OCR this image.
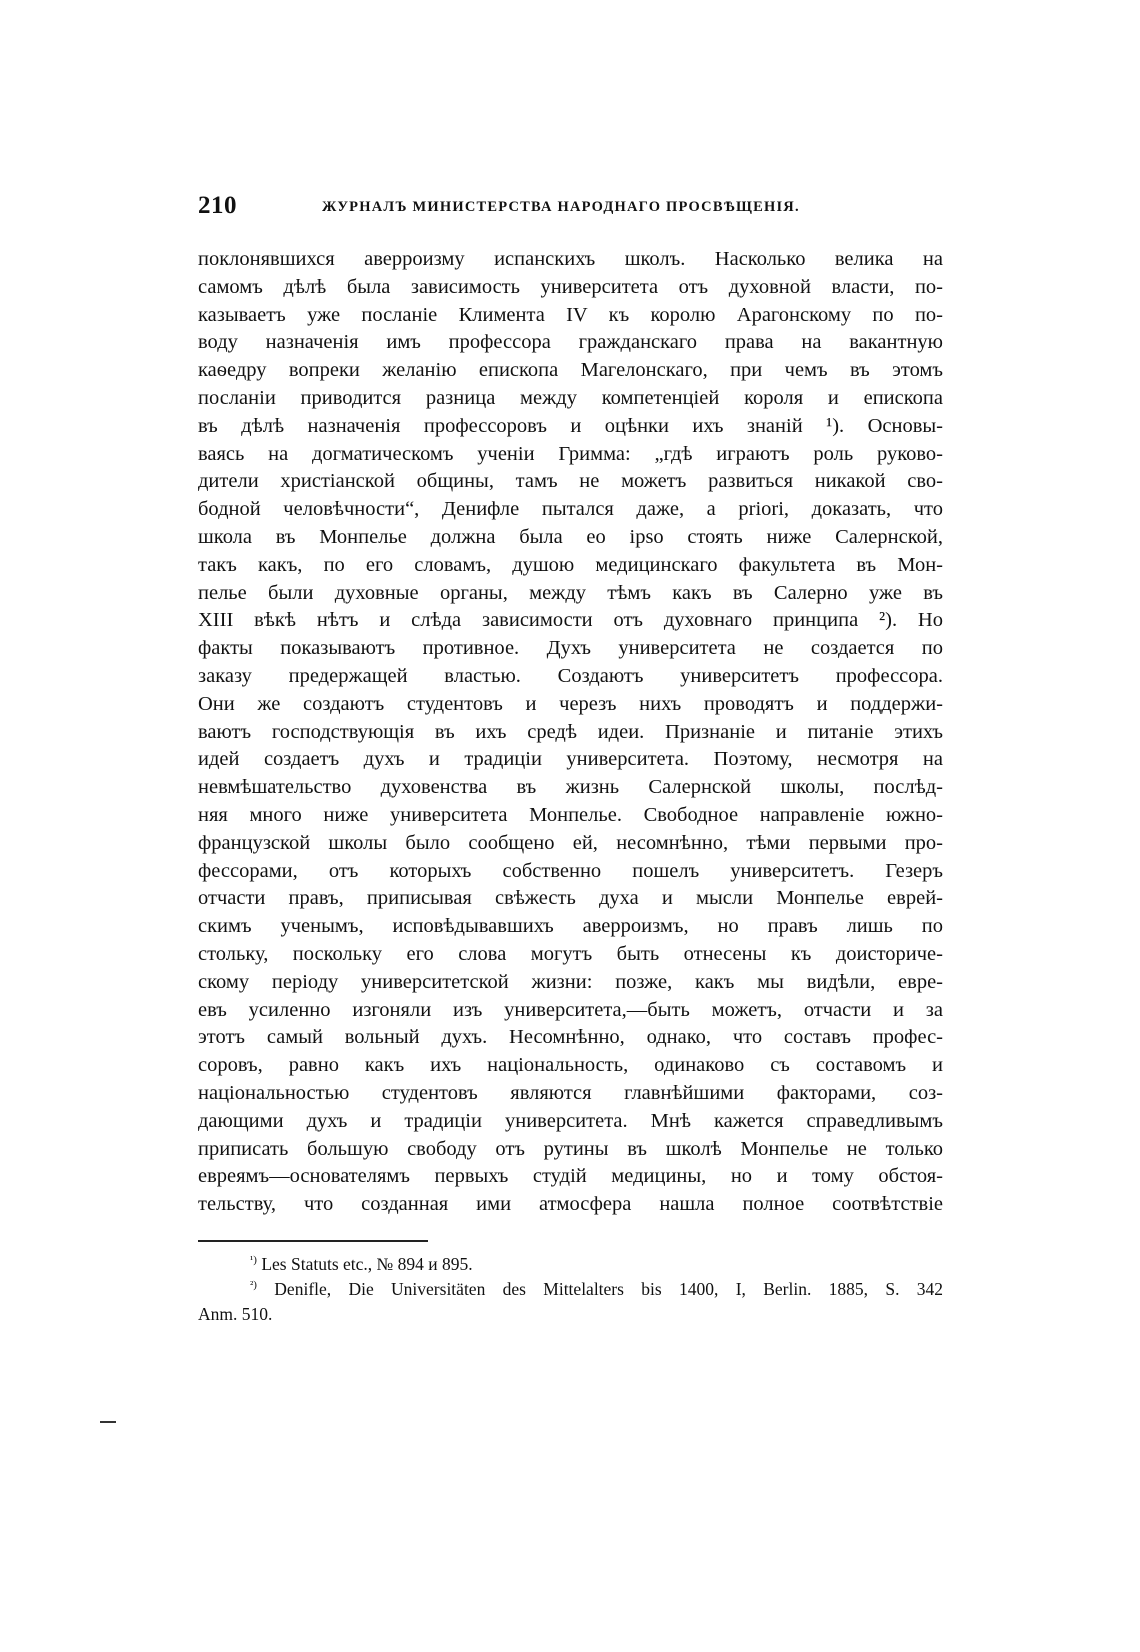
210	ЖУРНАЛЪ МИНИСТЕРСТВА НАРОДНАГО ПРОСВѢЩЕНІЯ.
поклонявшихся аверроизму испанскихъ школъ. Насколько велика на
самомъ дѣлѣ была зависимость университета отъ духовной власти, по-
казываетъ уже посланіе Климента IV къ королю Арагонскому по по-
воду назначенія имъ профессора гражданскаго права на вакантную
каѳедру вопреки желанію епископа Магелонскаго, при чемъ въ этомъ
посланіи приводится разница между компетенціей короля и епископа
въ дѣлѣ назначенія профессоровъ и оцѣнки ихъ знаній ¹). Основы-
ваясь на догматическомъ ученіи Гримма: „гдѣ играютъ роль руково-
дители христіанской общины, тамъ не можетъ развиться никакой сво-
бодной человѣчности“, Денифле пытался даже, a priori, доказать, что
школа въ Монпелье должна была eo ipso стоять ниже Салернской,
такъ какъ, по его словамъ, душою медицинскаго факультета въ Мон-
пелье были духовные органы, между тѣмъ какъ въ Салерно уже въ
XIII вѣкѣ нѣтъ и слѣда зависимости отъ духовнаго принципа ²). Но
факты показываютъ противное. Духъ университета не создается по
заказу предержащей властью. Создаютъ университетъ профессора.
Они же создаютъ студентовъ и черезъ нихъ проводятъ и поддержи-
ваютъ господствующія въ ихъ средѣ идеи. Признаніе и питаніе этихъ
идей создаетъ духъ и традиціи университета. Поэтому, несмотря на
невмѣшательство духовенства въ жизнь Салернской школы, послѣд-
няя много ниже университета Монпелье. Свободное направленіе южно-
французской школы было сообщено ей, несомнѣнно, тѣми первыми про-
фессорами, отъ которыхъ собственно пошелъ университетъ. Гезеръ
отчасти правъ, приписывая свѣжесть духа и мысли Монпелье еврей-
скимъ ученымъ, исповѣдывавшихъ аверроизмъ, но правъ лишь по
стольку, поскольку его слова могутъ быть отнесены къ доисториче-
скому періоду университетской жизни: позже, какъ мы видѣли, евре-
евъ усиленно изгоняли изъ университета,—быть можетъ, отчасти и за
этотъ самый вольный духъ. Несомнѣнно, однако, что составъ профес-
соровъ, равно какъ ихъ національность, одинаково съ составомъ и
національностью студентовъ являются главнѣйшими факторами, соз-
дающими духъ и традиціи университета. Мнѣ кажется справедливымъ
приписать большую свободу отъ рутины въ школѣ Монпелье не только
евреямъ—основателямъ первыхъ студій медицины, но и тому обстоя-
тельству, что созданная ими атмосфера нашла полное соотвѣтствіе
$^{^1)}$ Les Statuts etc., № 894 и 895.
$^{^2)}$ Denifle, Die Universitäten des Mittelalters bis 1400, I, Berlin. 1885, S. 342
Anm. 510.
